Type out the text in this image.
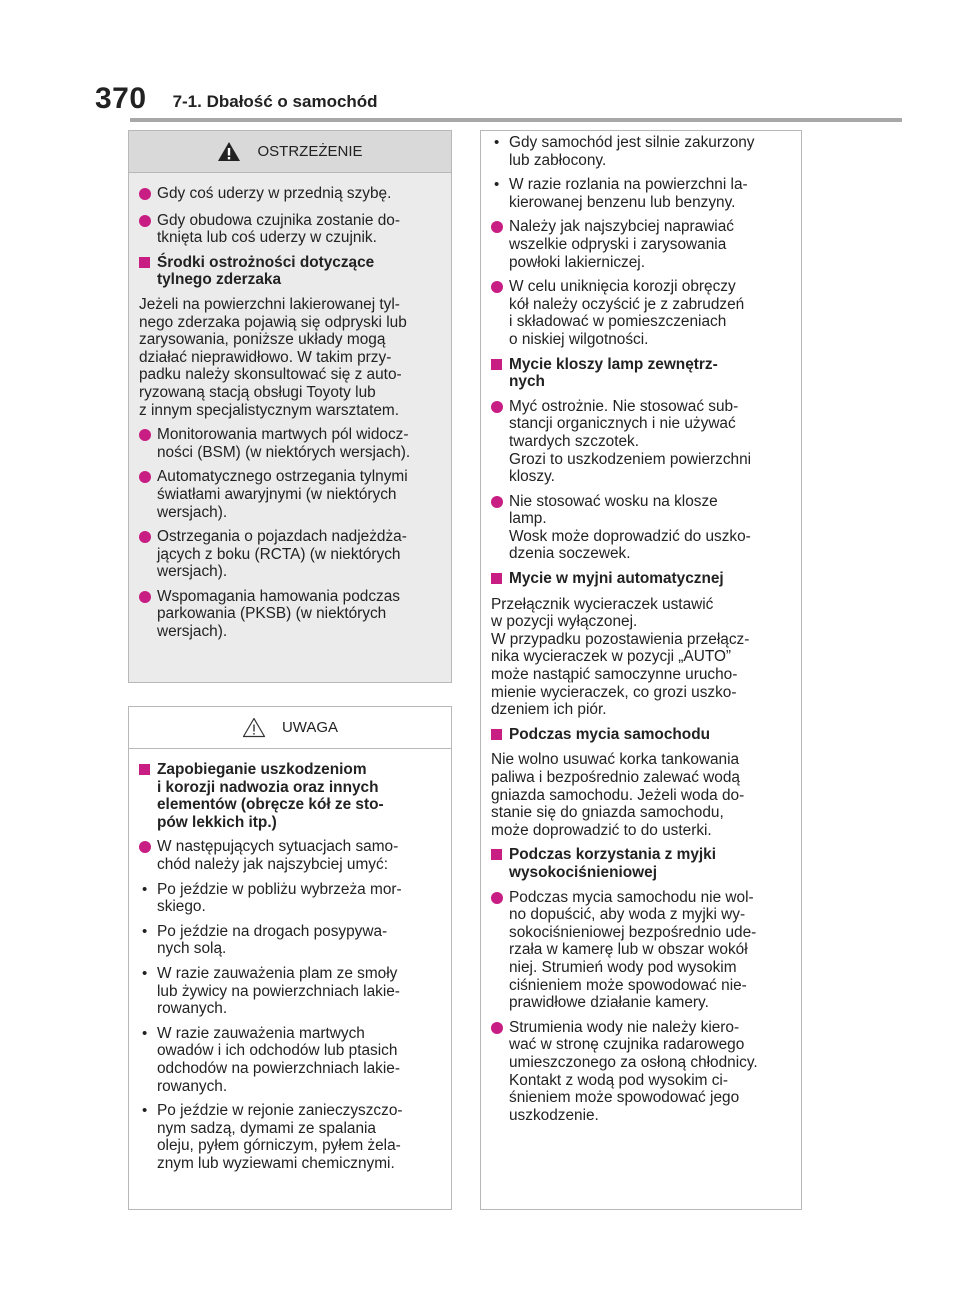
370 7-1. Dbałość o samochód
OSTRZEŻENIE
Gdy coś uderzy w przednią szybę.
Gdy obudowa czujnika zostanie do-
tknięta lub coś uderzy w czujnik.
Środki ostrożności dotyczące
tylnego zderzaka
Jeżeli na powierzchni lakierowanej tyl-
nego zderzaka pojawią się odpryski lub
zarysowania, poniższe układy mogą
działać nieprawidłowo. W takim przy-
padku należy skonsultować się z auto-
ryzowaną stacją obsługi Toyoty lub
z innym specjalistycznym warsztatem.
Monitorowania martwych pól widocz-
ności (BSM) (w niektórych wersjach).
Automatycznego ostrzegania tylnymi
światłami awaryjnymi (w niektórych
wersjach).
Ostrzegania o pojazdach nadjeżdża-
jących z boku (RCTA) (w niektórych
wersjach).
Wspomagania hamowania podczas
parkowania (PKSB) (w niektórych
wersjach).
UWAGA
Zapobieganie uszkodzeniom
i korozji nadwozia oraz innych
elementów (obręcze kół ze sto-
pów lekkich itp.)
W następujących sytuacjach samo-
chód należy jak najszybciej umyć:
• Po jeździe w pobliżu wybrzeża mor-
skiego.
• Po jeździe na drogach posypywa-
nych solą.
• W razie zauważenia plam ze smoły
lub żywicy na powierzchniach lakie-
rowanych.
• W razie zauważenia martwych
owadów i ich odchodów lub ptasich
odchodów na powierzchniach lakie-
rowanych.
• Po jeździe w rejonie zanieczyszczo-
nym sadzą, dymami ze spalania
oleju, pyłem górniczym, pyłem żela-
znym lub wyziewami chemicznymi.
• Gdy samochód jest silnie zakurzony
lub zabłocony.
• W razie rozlania na powierzchni la-
kierowanej benzenu lub benzyny.
Należy jak najszybciej naprawiać
wszelkie odpryski i zarysowania
powłoki lakierniczej.
W celu uniknięcia korozji obręczy
kół należy oczyścić je z zabrudzeń
i składować w pomieszczeniach
o niskiej wilgotności.
Mycie kloszy lamp zewnętrz-
nych
Myć ostrożnie. Nie stosować sub-
stancji organicznych i nie używać
twardych szczotek.
Grozi to uszkodzeniem powierzchni
kloszy.
Nie stosować wosku na klosze
lamp.
Wosk może doprowadzić do uszko-
dzenia soczewek.
Mycie w myjni automatycznej
Przełącznik wycieraczek ustawić
w pozycji wyłączonej.
W przypadku pozostawienia przełącz-
nika wycieraczek w pozycji „AUTO”
może nastąpić samoczynne urucho-
mienie wycieraczek, co grozi uszko-
dzeniem ich piór.
Podczas mycia samochodu
Nie wolno usuwać korka tankowania
paliwa i bezpośrednio zalewać wodą
gniazda samochodu. Jeżeli woda do-
stanie się do gniazda samochodu,
może doprowadzić to do usterki.
Podczas korzystania z myjki
wysokociśnieniowej
Podczas mycia samochodu nie wol-
no dopuścić, aby woda z myjki wy-
sokociśnieniowej bezpośrednio ude-
rzała w kamerę lub w obszar wokół
niej. Strumień wody pod wysokim
ciśnieniem może spowodować nie-
prawidłowe działanie kamery.
Strumienia wody nie należy kiero-
wać w stronę czujnika radarowego
umieszczonego za osłoną chłodnicy.
Kontakt z wodą pod wysokim ci-
śnieniem może spowodować jego
uszkodzenie.
